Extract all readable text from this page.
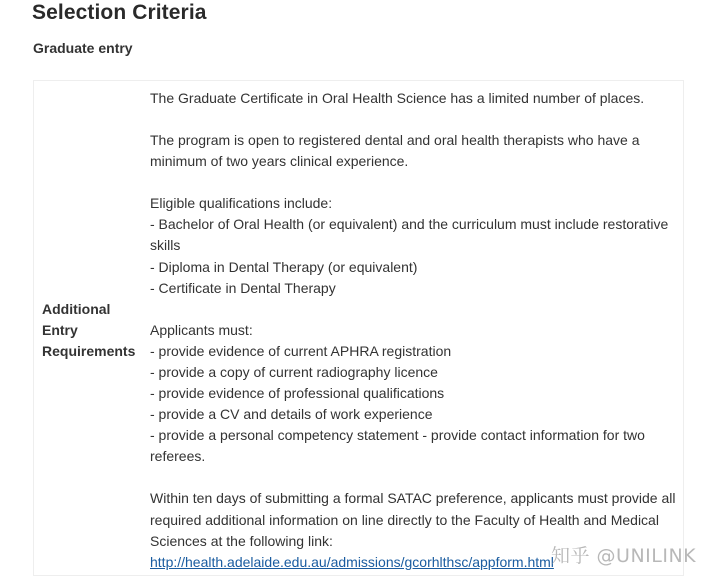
Selection Criteria
Graduate entry
Additional
Entry
Requirements

The Graduate Certificate in Oral Health Science has a limited number of places.

The program is open to registered dental and oral health therapists who have a minimum of two years clinical experience.

Eligible qualifications include:

- Bachelor of Oral Health (or equivalent) and the curriculum must include restorative skills

- Diploma in Dental Therapy (or equivalent)

- Certificate in Dental Therapy

Applicants must:

- provide evidence of current APHRA registration

- provide a copy of current radiography licence

- provide evidence of professional qualifications

- provide a CV and details of work experience

- provide a personal competency statement - provide contact information for two referees.

Within ten days of submitting a formal SATAC preference, applicants must provide all required additional information on line directly to the Faculty of Health and Medical Sciences at the following link:

http://health.adelaide.edu.au/admissions/gcorhlthsc/appform.html

知乎 @UNILINK
